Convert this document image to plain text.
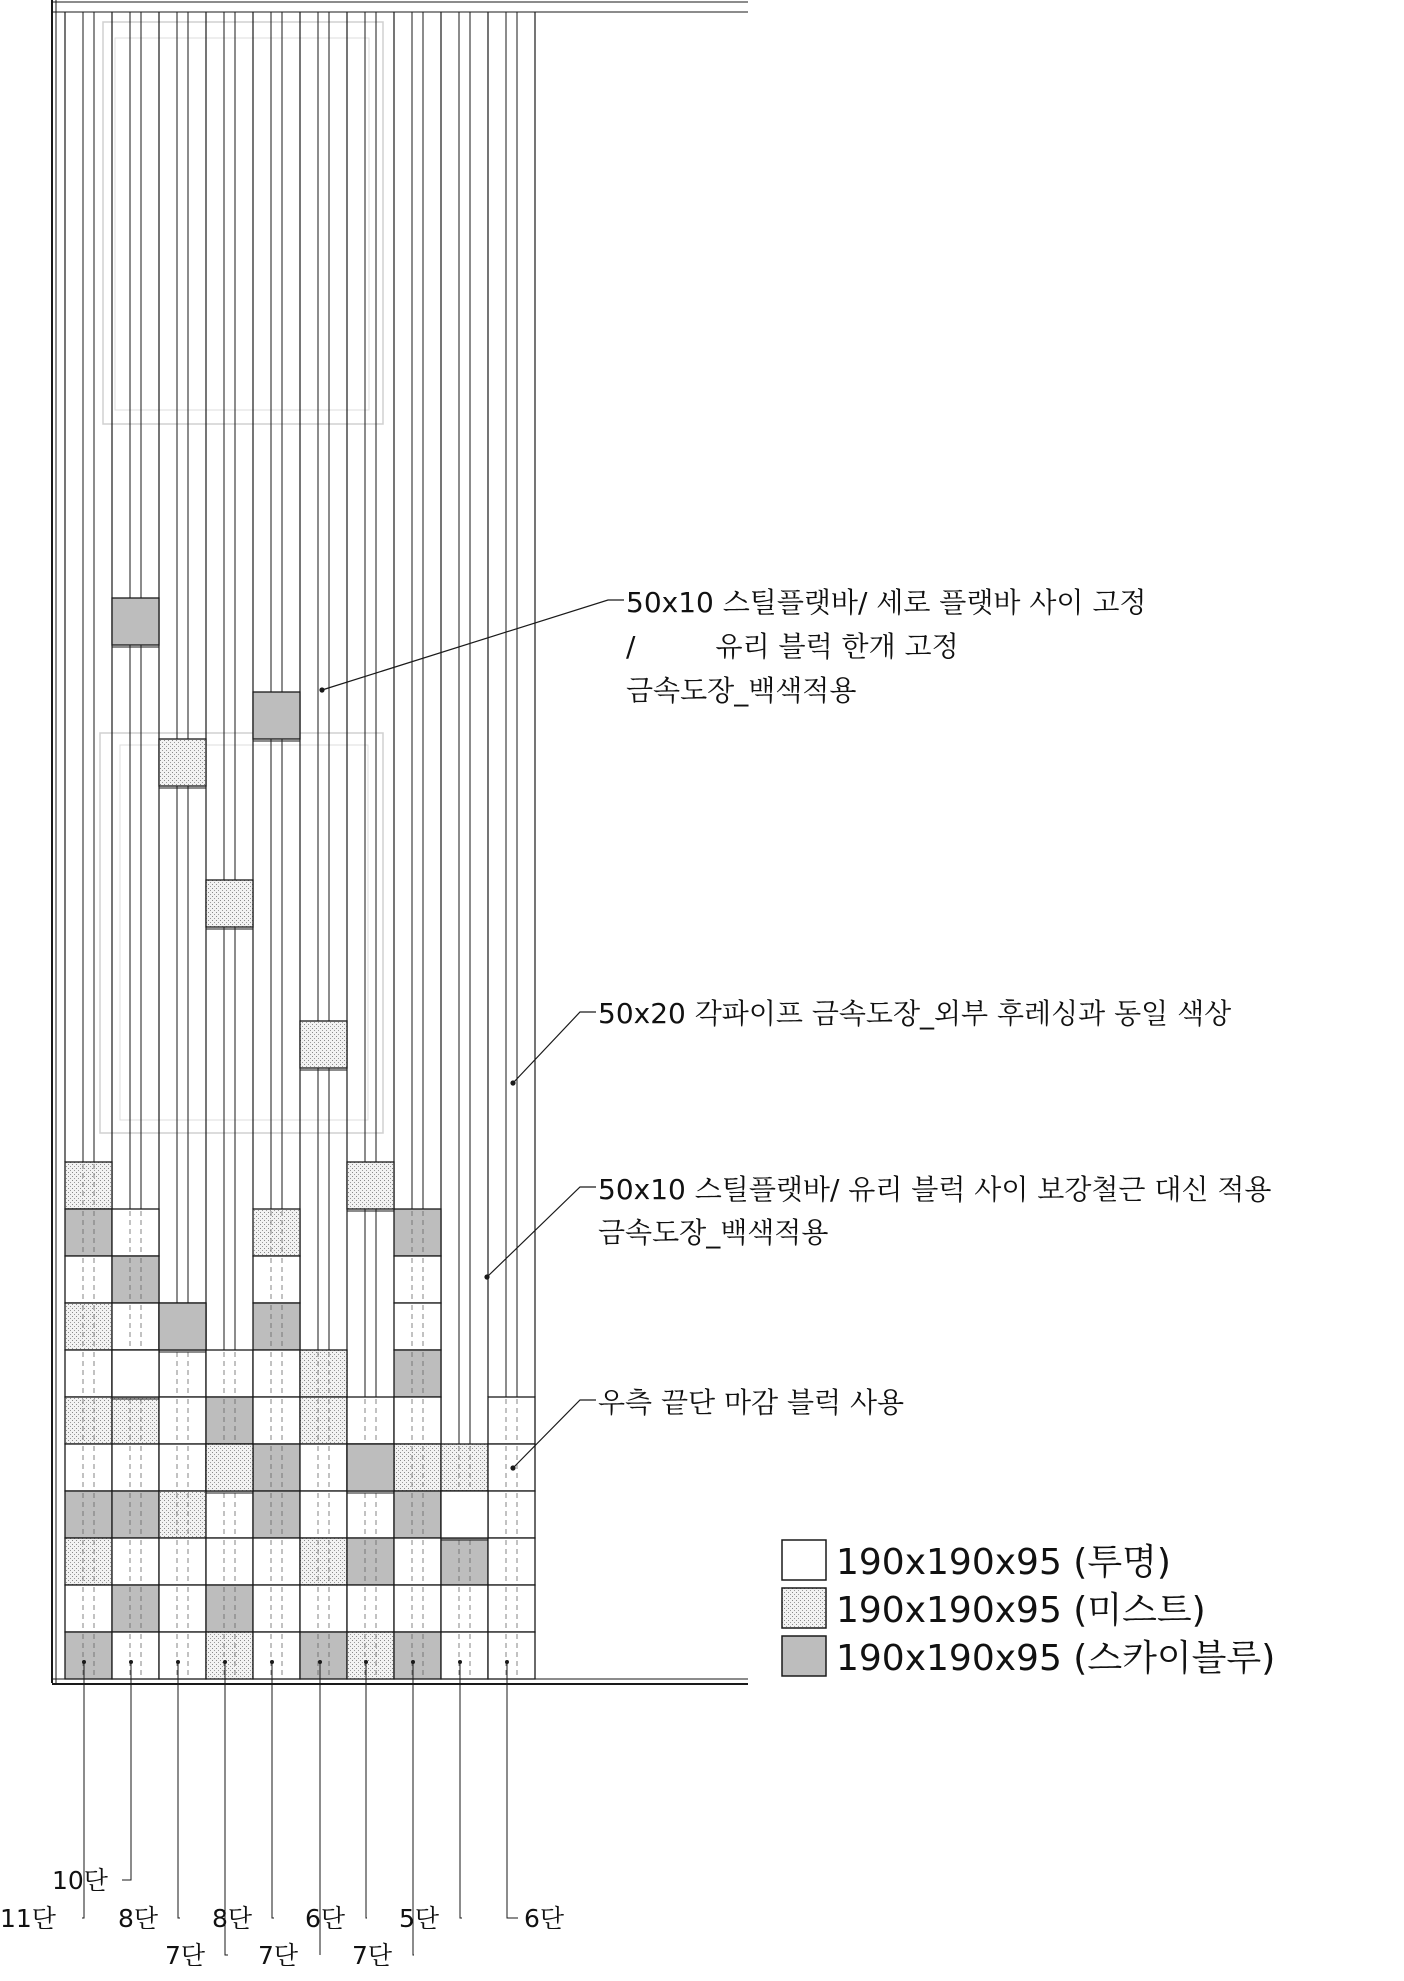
11단
10단
8단
7단
8단
7단
6단
7단
5단	6단
50x10 스틸플랫바/ 세로 플랫바 사이 고정
/         유리 블럭 한개 고정
금속도장_백색적용
50x20 각파이프 금속도장_외부 후레싱과 동일 색상
50x10 스틸플랫바/ 유리 블럭 사이 보강철근 대신 적용
금속도장_백색적용
우측 끝단 마감 블럭 사용
190x190x95 (투명)
190x190x95 (미스트)
190x190x95 (스카이블루)
